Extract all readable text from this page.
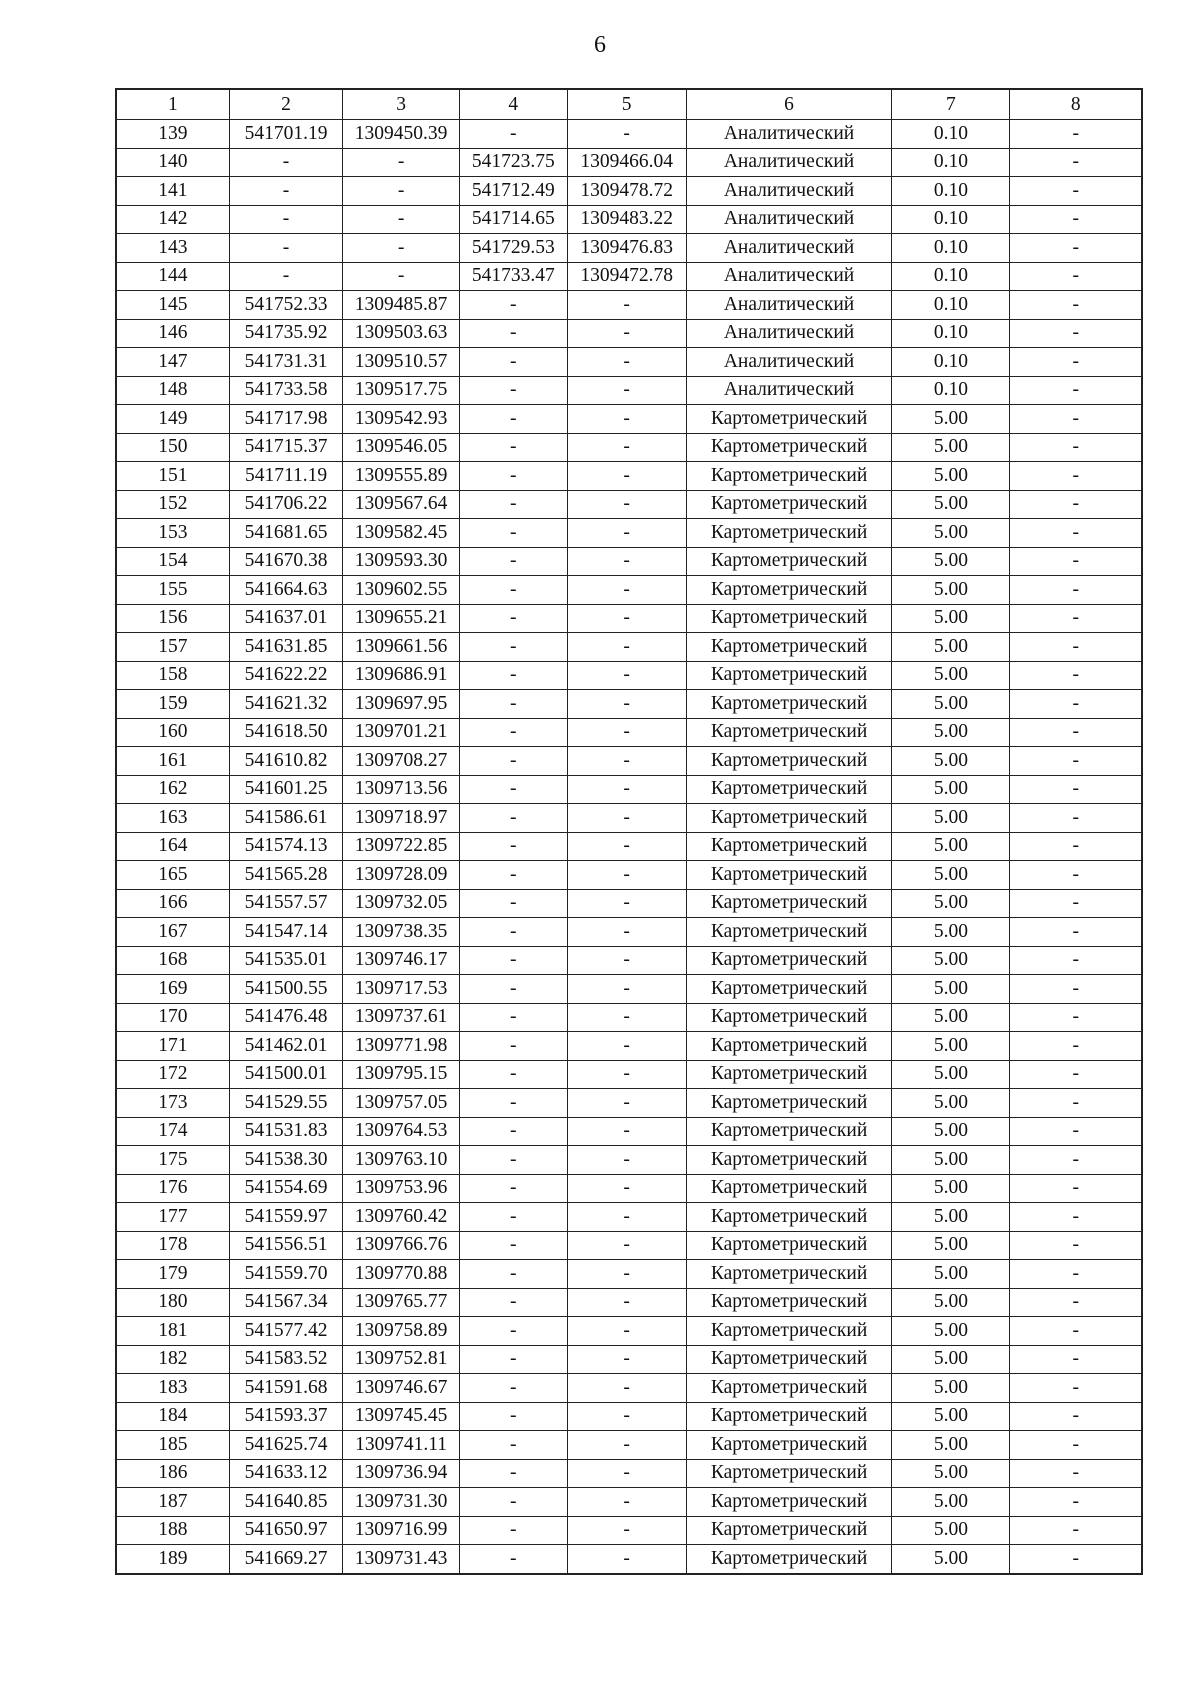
6
1	2	3	4	5	6	7	8
139	541701.19	1309450.39	-	-	Аналитический	0.10	-
140	-	-	541723.75	1309466.04	Аналитический	0.10	-
141	-	-	541712.49	1309478.72	Аналитический	0.10	-
142	-	-	541714.65	1309483.22	Аналитический	0.10	-
143	-	-	541729.53	1309476.83	Аналитический	0.10	-
144	-	-	541733.47	1309472.78	Аналитический	0.10	-
145	541752.33	1309485.87	-	-	Аналитический	0.10	-
146	541735.92	1309503.63	-	-	Аналитический	0.10	-
147	541731.31	1309510.57	-	-	Аналитический	0.10	-
148	541733.58	1309517.75	-	-	Аналитический	0.10	-
149	541717.98	1309542.93	-	-	Картометрический	5.00	-
150	541715.37	1309546.05	-	-	Картометрический	5.00	-
151	541711.19	1309555.89	-	-	Картометрический	5.00	-
152	541706.22	1309567.64	-	-	Картометрический	5.00	-
153	541681.65	1309582.45	-	-	Картометрический	5.00	-
154	541670.38	1309593.30	-	-	Картометрический	5.00	-
155	541664.63	1309602.55	-	-	Картометрический	5.00	-
156	541637.01	1309655.21	-	-	Картометрический	5.00	-
157	541631.85	1309661.56	-	-	Картометрический	5.00	-
158	541622.22	1309686.91	-	-	Картометрический	5.00	-
159	541621.32	1309697.95	-	-	Картометрический	5.00	-
160	541618.50	1309701.21	-	-	Картометрический	5.00	-
161	541610.82	1309708.27	-	-	Картометрический	5.00	-
162	541601.25	1309713.56	-	-	Картометрический	5.00	-
163	541586.61	1309718.97	-	-	Картометрический	5.00	-
164	541574.13	1309722.85	-	-	Картометрический	5.00	-
165	541565.28	1309728.09	-	-	Картометрический	5.00	-
166	541557.57	1309732.05	-	-	Картометрический	5.00	-
167	541547.14	1309738.35	-	-	Картометрический	5.00	-
168	541535.01	1309746.17	-	-	Картометрический	5.00	-
169	541500.55	1309717.53	-	-	Картометрический	5.00	-
170	541476.48	1309737.61	-	-	Картометрический	5.00	-
171	541462.01	1309771.98	-	-	Картометрический	5.00	-
172	541500.01	1309795.15	-	-	Картометрический	5.00	-
173	541529.55	1309757.05	-	-	Картометрический	5.00	-
174	541531.83	1309764.53	-	-	Картометрический	5.00	-
175	541538.30	1309763.10	-	-	Картометрический	5.00	-
176	541554.69	1309753.96	-	-	Картометрический	5.00	-
177	541559.97	1309760.42	-	-	Картометрический	5.00	-
178	541556.51	1309766.76	-	-	Картометрический	5.00	-
179	541559.70	1309770.88	-	-	Картометрический	5.00	-
180	541567.34	1309765.77	-	-	Картометрический	5.00	-
181	541577.42	1309758.89	-	-	Картометрический	5.00	-
182	541583.52	1309752.81	-	-	Картометрический	5.00	-
183	541591.68	1309746.67	-	-	Картометрический	5.00	-
184	541593.37	1309745.45	-	-	Картометрический	5.00	-
185	541625.74	1309741.11	-	-	Картометрический	5.00	-
186	541633.12	1309736.94	-	-	Картометрический	5.00	-
187	541640.85	1309731.30	-	-	Картометрический	5.00	-
188	541650.97	1309716.99	-	-	Картометрический	5.00	-
189	541669.27	1309731.43	-	-	Картометрический	5.00	-
